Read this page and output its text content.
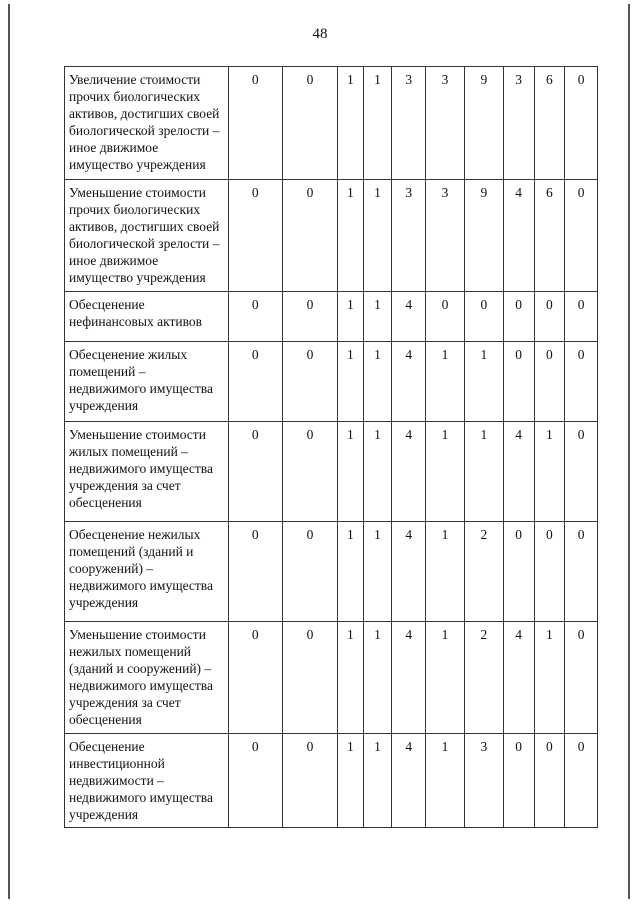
48
Увеличение стоимости прочих биологических активов, достигших своей биологической зрелости – иное движимое имущество учреждения	0	0	1	1	3	3	9	3	6	0
Уменьшение стоимости прочих биологических активов, достигших своей биологической зрелости – иное движимое имущество учреждения	0	0	1	1	3	3	9	4	6	0
Обесценение нефинансовых активов	0	0	1	1	4	0	0	0	0	0
Обесценение жилых помещений – недвижимого имущества учреждения	0	0	1	1	4	1	1	0	0	0
Уменьшение стоимости жилых помещений – недвижимого имущества учреждения за счет обесценения	0	0	1	1	4	1	1	4	1	0
Обесценение нежилых помещений (зданий и сооружений) – недвижимого имущества учреждения	0	0	1	1	4	1	2	0	0	0
Уменьшение стоимости нежилых помещений (зданий и сооружений) – недвижимого имущества учреждения за счет обесценения	0	0	1	1	4	1	2	4	1	0
Обесценение инвестиционной недвижимости – недвижимого имущества учреждения	0	0	1	1	4	1	3	0	0	0
